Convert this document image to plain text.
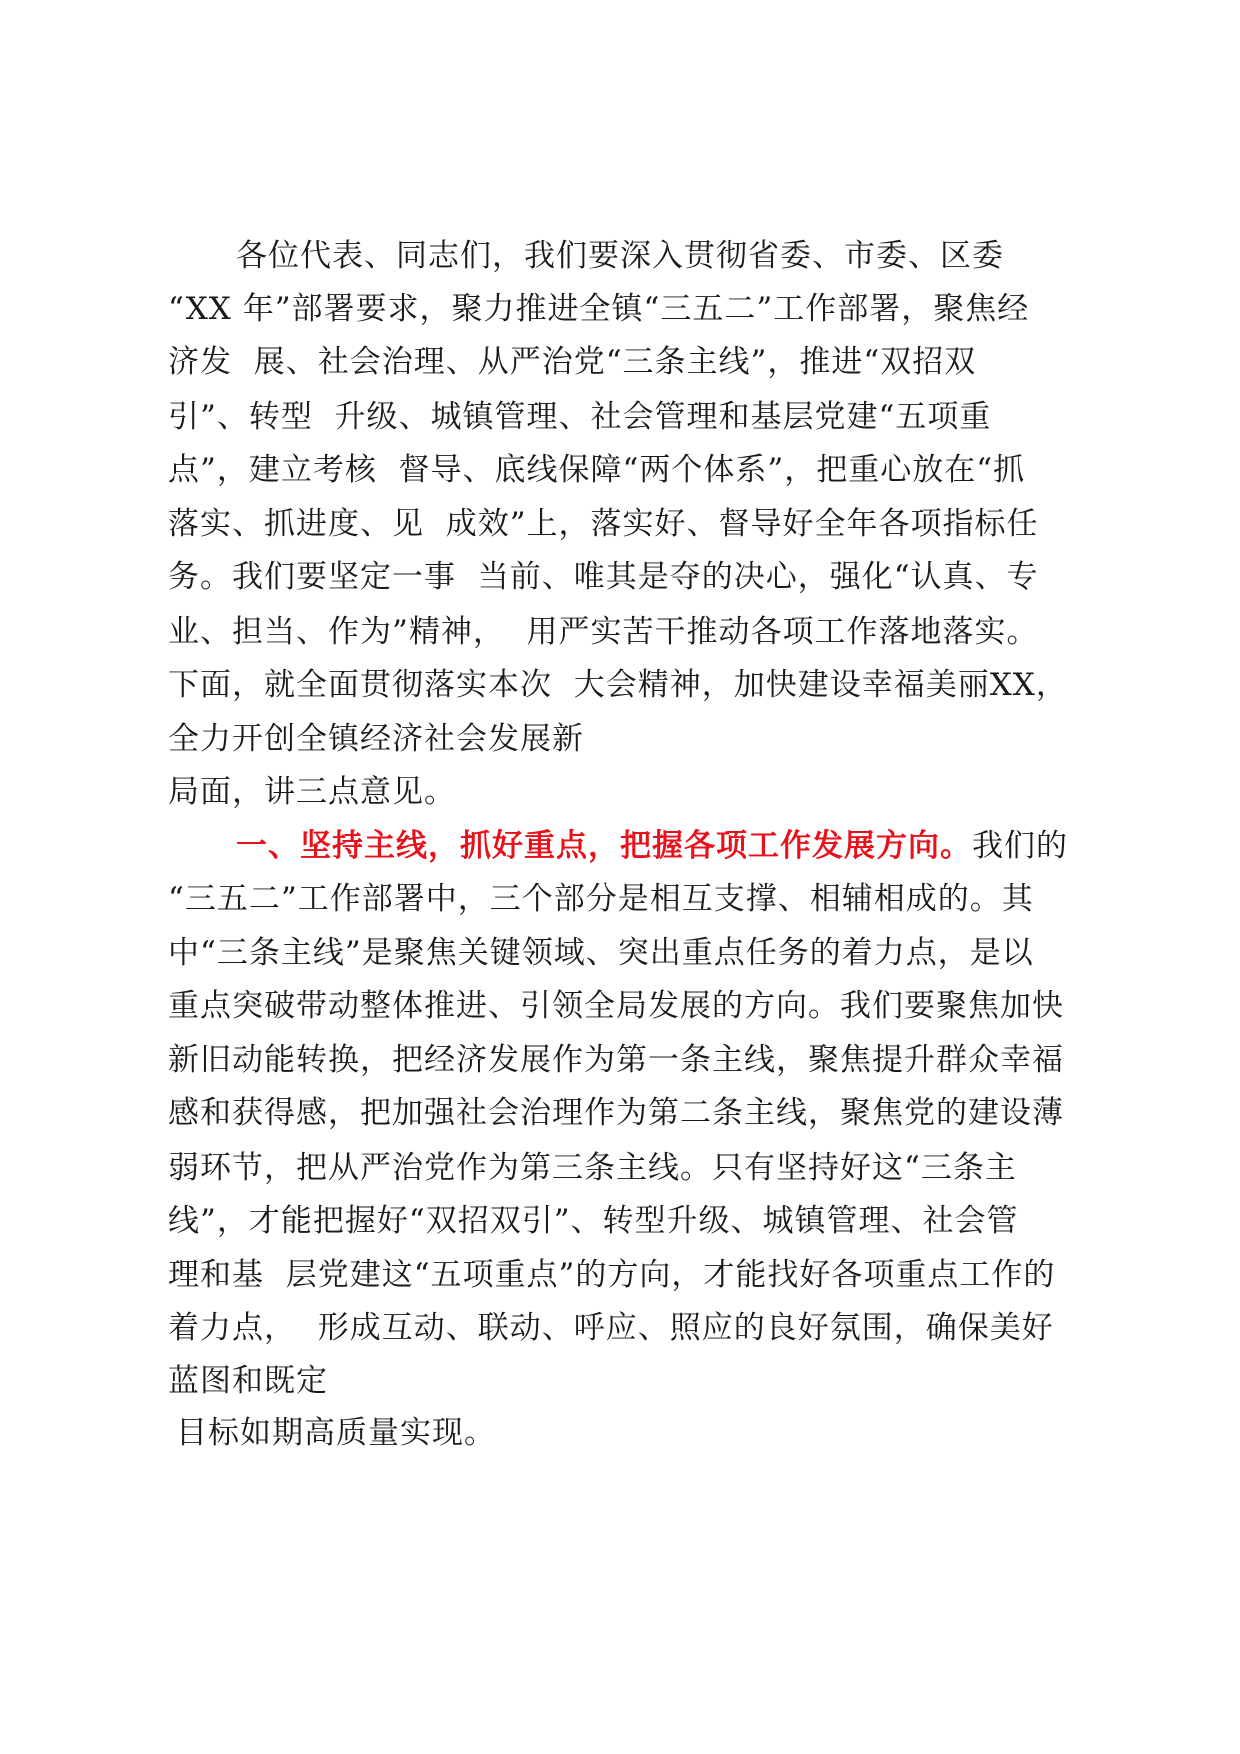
各位代表、同志们，我们要深入贯彻省委、市委、区委
“XX 年”部署要求，聚力推进全镇“三五二”工作部署，聚焦经
济发  展、社会治理、从严治党“三条主线”，推进“双招双
引”、转型  升级、城镇管理、社会管理和基层党建“五项重
点”，建立考核  督导、底线保障“两个体系”，把重心放在“抓
落实、抓进度、见  成效”上，落实好、督导好全年各项指标任
务。我们要坚定一事  当前、唯其是夺的决心，强化“认真、专
业、担当、作为”精神，  用严实苦干推动各项工作落地落实。
下面，就全面贯彻落实本次  大会精神，加快建设幸福美丽XX，
全力开创全镇经济社会发展新
局面，讲三点意见。
一、坚持主线，抓好重点，把握各项工作发展方向。我们的
“三五二”工作部署中，三个部分是相互支撑、相辅相成的。其
中“三条主线”是聚焦关键领域、突出重点任务的着力点，是以
重点突破带动整体推进、引领全局发展的方向。我们要聚焦加快
新旧动能转换，把经济发展作为第一条主线，聚焦提升群众幸福
感和获得感，把加强社会治理作为第二条主线，聚焦党的建设薄
弱环节，把从严治党作为第三条主线。只有坚持好这“三条主
线”，才能把握好“双招双引”、转型升级、城镇管理、社会管
理和基  层党建这“五项重点”的方向，才能找好各项重点工作的
着力点，  形成互动、联动、呼应、照应的良好氛围，确保美好
蓝图和既定
目标如期高质量实现。
